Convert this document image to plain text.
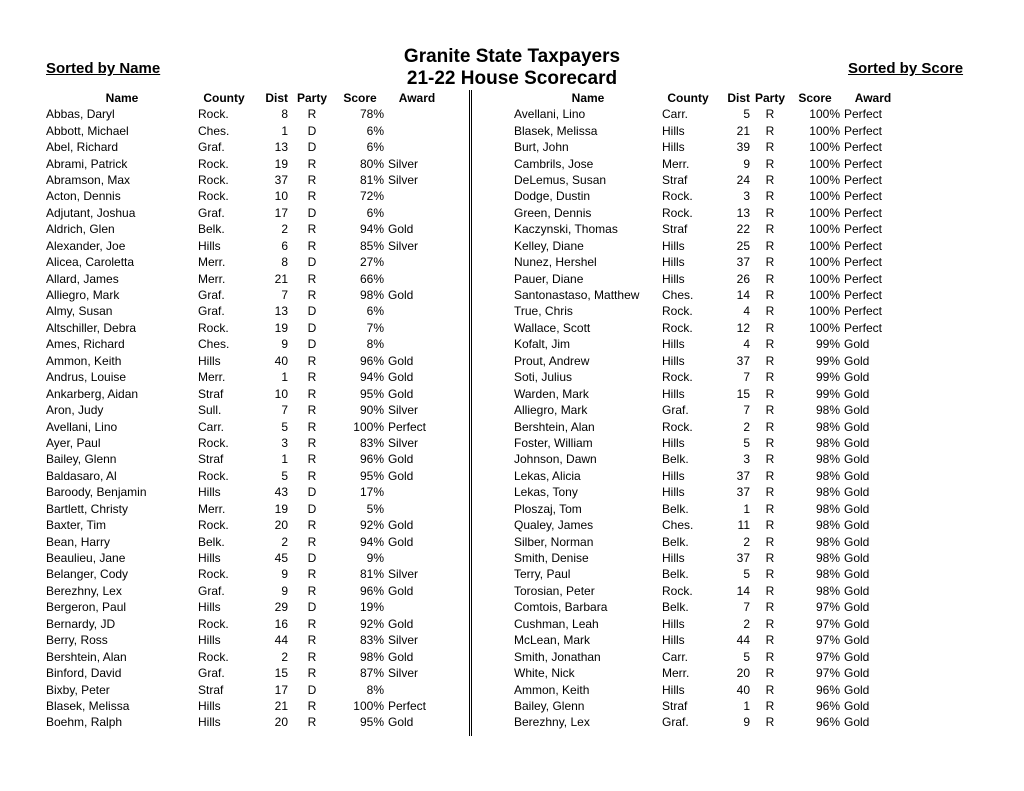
Granite State Taxpayers
21-22 House Scorecard
Sorted by Name	Sorted by Score
Name	County	Dist	Party	Score	Award
Abbas, Daryl	Rock.	8	R	78%	
Abbott, Michael	Ches.	1	D	6%	
Abel, Richard	Graf.	13	D	6%	
Abrami, Patrick	Rock.	19	R	80%	Silver
Abramson, Max	Rock.	37	R	81%	Silver
Acton, Dennis	Rock.	10	R	72%	
Adjutant, Joshua	Graf.	17	D	6%	
Aldrich, Glen	Belk.	2	R	94%	Gold
Alexander, Joe	Hills	6	R	85%	Silver
Alicea, Caroletta	Merr.	8	D	27%	
Allard, James	Merr.	21	R	66%	
Alliegro, Mark	Graf.	7	R	98%	Gold
Almy, Susan	Graf.	13	D	6%	
Altschiller, Debra	Rock.	19	D	7%	
Ames, Richard	Ches.	9	D	8%	
Ammon, Keith	Hills	40	R	96%	Gold
Andrus, Louise	Merr.	1	R	94%	Gold
Ankarberg, Aidan	Straf	10	R	95%	Gold
Aron, Judy	Sull.	7	R	90%	Silver
Avellani, Lino	Carr.	5	R	100%	Perfect
Ayer, Paul	Rock.	3	R	83%	Silver
Bailey, Glenn	Straf	1	R	96%	Gold
Baldasaro, Al	Rock.	5	R	95%	Gold
Baroody, Benjamin	Hills	43	D	17%	
Bartlett, Christy	Merr.	19	D	5%	
Baxter, Tim	Rock.	20	R	92%	Gold
Bean, Harry	Belk.	2	R	94%	Gold
Beaulieu, Jane	Hills	45	D	9%	
Belanger, Cody	Rock.	9	R	81%	Silver
Berezhny, Lex	Graf.	9	R	96%	Gold
Bergeron, Paul	Hills	29	D	19%	
Bernardy, JD	Rock.	16	R	92%	Gold
Berry, Ross	Hills	44	R	83%	Silver
Bershtein, Alan	Rock.	2	R	98%	Gold
Binford, David	Graf.	15	R	87%	Silver
Bixby, Peter	Straf	17	D	8%	
Blasek, Melissa	Hills	21	R	100%	Perfect
Boehm, Ralph	Hills	20	R	95%	Gold
Name	County	Dist	Party	Score	Award
Avellani, Lino	Carr.	5	R	100%	Perfect
Blasek, Melissa	Hills	21	R	100%	Perfect
Burt, John	Hills	39	R	100%	Perfect
Cambrils, Jose	Merr.	9	R	100%	Perfect
DeLemus, Susan	Straf	24	R	100%	Perfect
Dodge, Dustin	Rock.	3	R	100%	Perfect
Green, Dennis	Rock.	13	R	100%	Perfect
Kaczynski, Thomas	Straf	22	R	100%	Perfect
Kelley, Diane	Hills	25	R	100%	Perfect
Nunez, Hershel	Hills	37	R	100%	Perfect
Pauer, Diane	Hills	26	R	100%	Perfect
Santonastaso, Matthew	Ches.	14	R	100%	Perfect
True, Chris	Rock.	4	R	100%	Perfect
Wallace, Scott	Rock.	12	R	100%	Perfect
Kofalt, Jim	Hills	4	R	99%	Gold
Prout, Andrew	Hills	37	R	99%	Gold
Soti, Julius	Rock.	7	R	99%	Gold
Warden, Mark	Hills	15	R	99%	Gold
Alliegro, Mark	Graf.	7	R	98%	Gold
Bershtein, Alan	Rock.	2	R	98%	Gold
Foster, William	Hills	5	R	98%	Gold
Johnson, Dawn	Belk.	3	R	98%	Gold
Lekas, Alicia	Hills	37	R	98%	Gold
Lekas, Tony	Hills	37	R	98%	Gold
Ploszaj, Tom	Belk.	1	R	98%	Gold
Qualey, James	Ches.	11	R	98%	Gold
Silber, Norman	Belk.	2	R	98%	Gold
Smith, Denise	Hills	37	R	98%	Gold
Terry, Paul	Belk.	5	R	98%	Gold
Torosian, Peter	Rock.	14	R	98%	Gold
Comtois, Barbara	Belk.	7	R	97%	Gold
Cushman, Leah	Hills	2	R	97%	Gold
McLean, Mark	Hills	44	R	97%	Gold
Smith, Jonathan	Carr.	5	R	97%	Gold
White, Nick	Merr.	20	R	97%	Gold
Ammon, Keith	Hills	40	R	96%	Gold
Bailey, Glenn	Straf	1	R	96%	Gold
Berezhny, Lex	Graf.	9	R	96%	Gold
